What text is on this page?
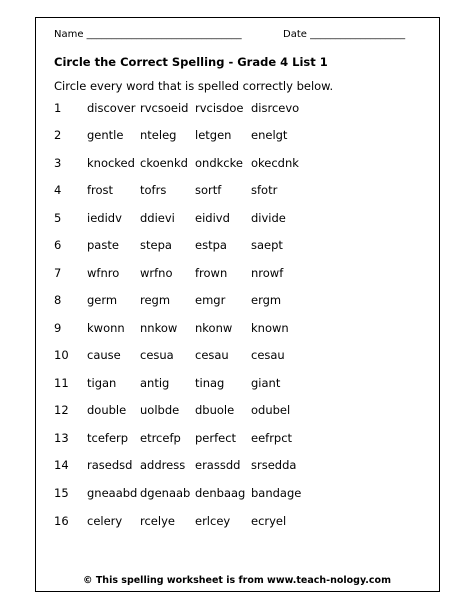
Name _______________________________	Date ___________________
Circle the Correct Spelling - Grade 4 List 1
Circle every word that is spelled correctly below.
1 discover rvcsoeid rvcisdoe disrcevo
2 gentle nteleg letgen enelgt
3 knocked ckoenkd ondkcke okecdnk
4 frost tofrs sortf	sfotr
5 iedidv ddievi eidivd divide
6 paste stepa estpa saept
7 wfnro wrfno frown nrowf
8 germ regm emgr ergm
9 kwonn nnkow nkonw known
10 cause cesua cesau cesau
11 tigan antig tinag giant
12 double uolbde dbuole odubel
13 tceferp etrcefp perfect eefrpct
14 rasedsd address erassdd srsedda
15 gneaabd dgenaab denbaag bandage
16 celery rcelye erlcey ecryel
© This spelling worksheet is from www.teach-nology.com
